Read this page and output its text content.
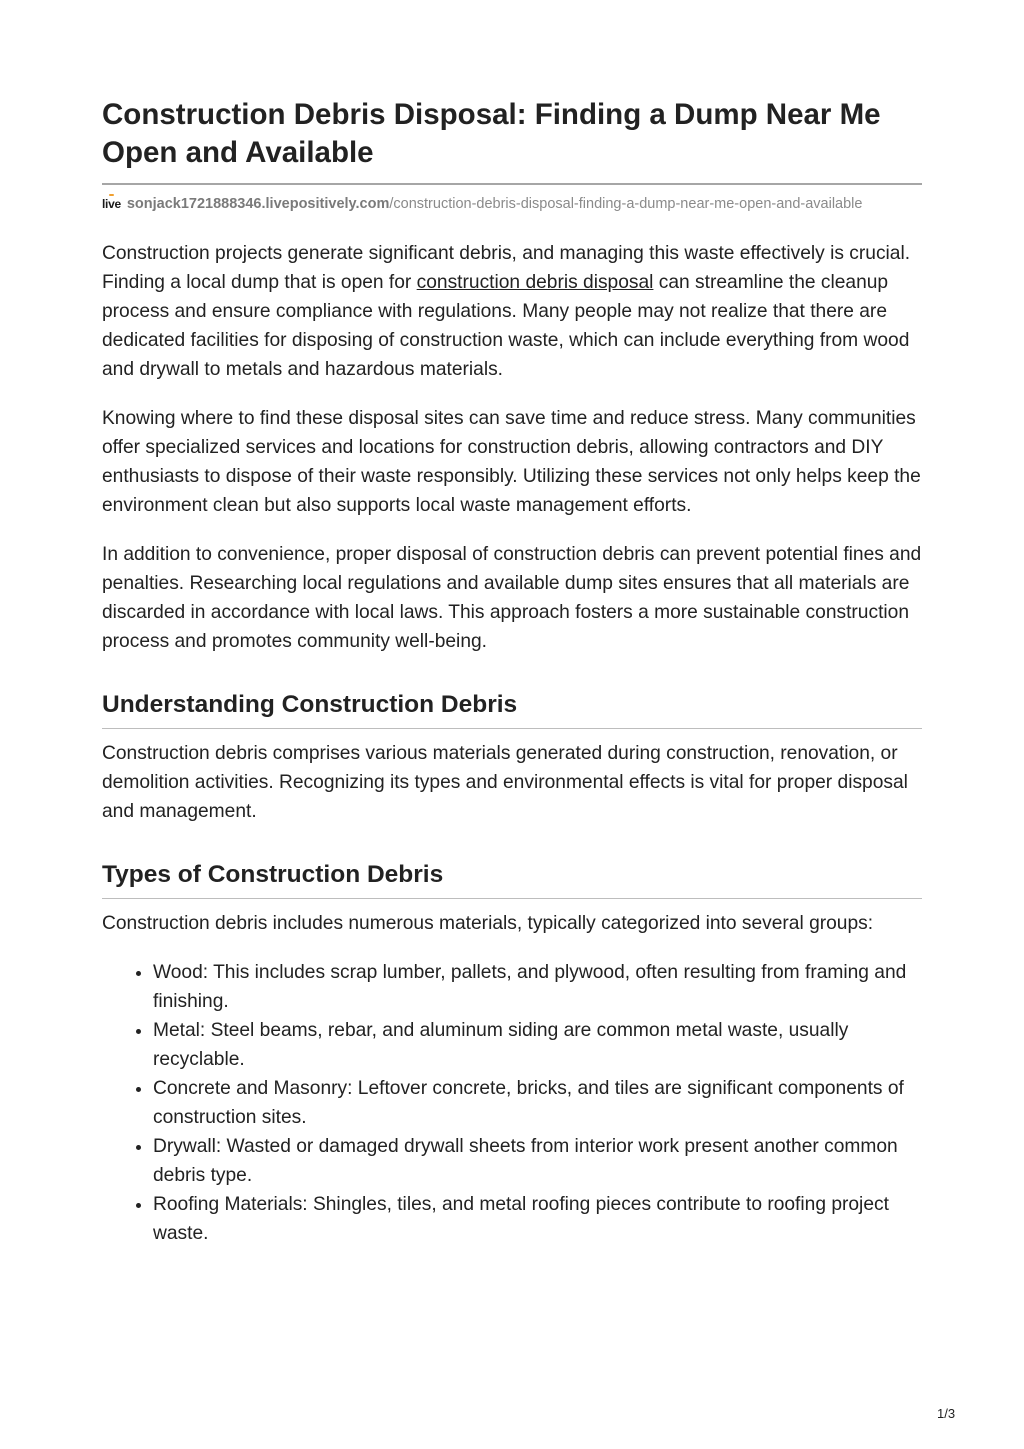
Construction Debris Disposal: Finding a Dump Near Me Open and Available
live sonjack1721888346.livepositively.com/construction-debris-disposal-finding-a-dump-near-me-open-and-available

Construction projects generate significant debris, and managing this waste effectively is crucial. Finding a local dump that is open for construction debris disposal can streamline the cleanup process and ensure compliance with regulations. Many people may not realize that there are dedicated facilities for disposing of construction waste, which can include everything from wood and drywall to metals and hazardous materials.

Knowing where to find these disposal sites can save time and reduce stress. Many communities offer specialized services and locations for construction debris, allowing contractors and DIY enthusiasts to dispose of their waste responsibly. Utilizing these services not only helps keep the environment clean but also supports local waste management efforts.

In addition to convenience, proper disposal of construction debris can prevent potential fines and penalties. Researching local regulations and available dump sites ensures that all materials are discarded in accordance with local laws. This approach fosters a more sustainable construction process and promotes community well-being.

Understanding Construction Debris

Construction debris comprises various materials generated during construction, renovation, or demolition activities. Recognizing its types and environmental effects is vital for proper disposal and management.

Types of Construction Debris

Construction debris includes numerous materials, typically categorized into several groups:

• Wood: This includes scrap lumber, pallets, and plywood, often resulting from framing and finishing.
• Metal: Steel beams, rebar, and aluminum siding are common metal waste, usually recyclable.
• Concrete and Masonry: Leftover concrete, bricks, and tiles are significant components of construction sites.
• Drywall: Wasted or damaged drywall sheets from interior work present another common debris type.
• Roofing Materials: Shingles, tiles, and metal roofing pieces contribute to roofing project waste.
1/3
